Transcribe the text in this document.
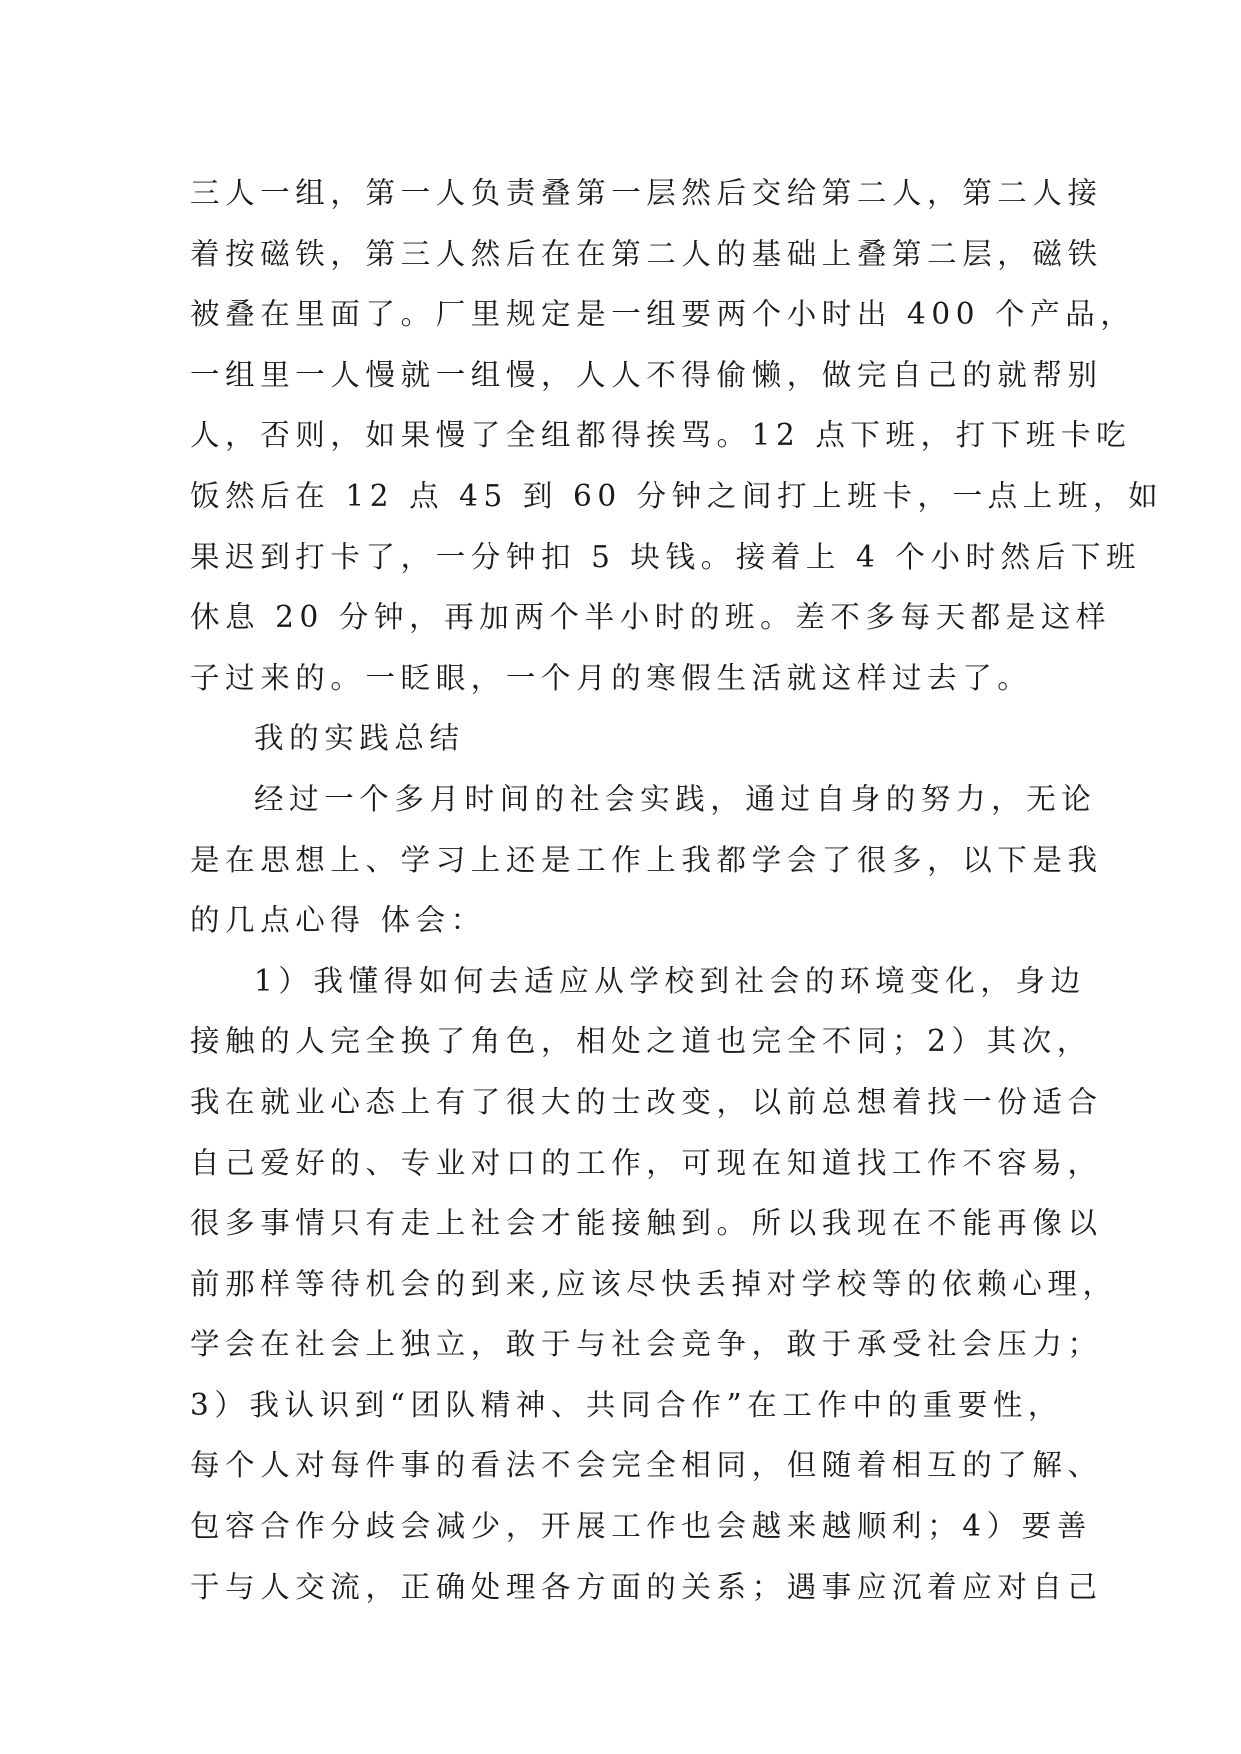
三人一组，第一人负责叠第一层然后交给第二人，第二人接
着按磁铁，第三人然后在在第二人的基础上叠第二层，磁铁
被叠在里面了。厂里规定是一组要两个小时出 400 个产品，
一组里一人慢就一组慢，人人不得偷懒，做完自己的就帮别
人，否则，如果慢了全组都得挨骂。12 点下班，打下班卡吃
饭然后在 12 点 45 到 60 分钟之间打上班卡，一点上班，如
果迟到打卡了，一分钟扣 5 块钱。接着上 4 个小时然后下班
休息 20 分钟，再加两个半小时的班。差不多每天都是这样
子过来的。一眨眼，一个月的寒假生活就这样过去了。
我的实践总结
经过一个多月时间的社会实践，通过自身的努力，无论
是在思想上、学习上还是工作上我都学会了很多，以下是我
的几点心得 体会：
1）我懂得如何去适应从学校到社会的环境变化，身边
接触的人完全换了角色，相处之道也完全不同；2）其次，
我在就业心态上有了很大的士改变，以前总想着找一份适合
自己爱好的、专业对口的工作，可现在知道找工作不容易，
很多事情只有走上社会才能接触到。所以我现在不能再像以
前那样等待机会的到来,应该尽快丢掉对学校等的依赖心理，
学会在社会上独立，敢于与社会竞争，敢于承受社会压力；
3）我认识到“团队精神、共同合作”在工作中的重要性，
每个人对每件事的看法不会完全相同，但随着相互的了解、
包容合作分歧会减少，开展工作也会越来越顺利；4）要善
于与人交流，正确处理各方面的关系；遇事应沉着应对自己
